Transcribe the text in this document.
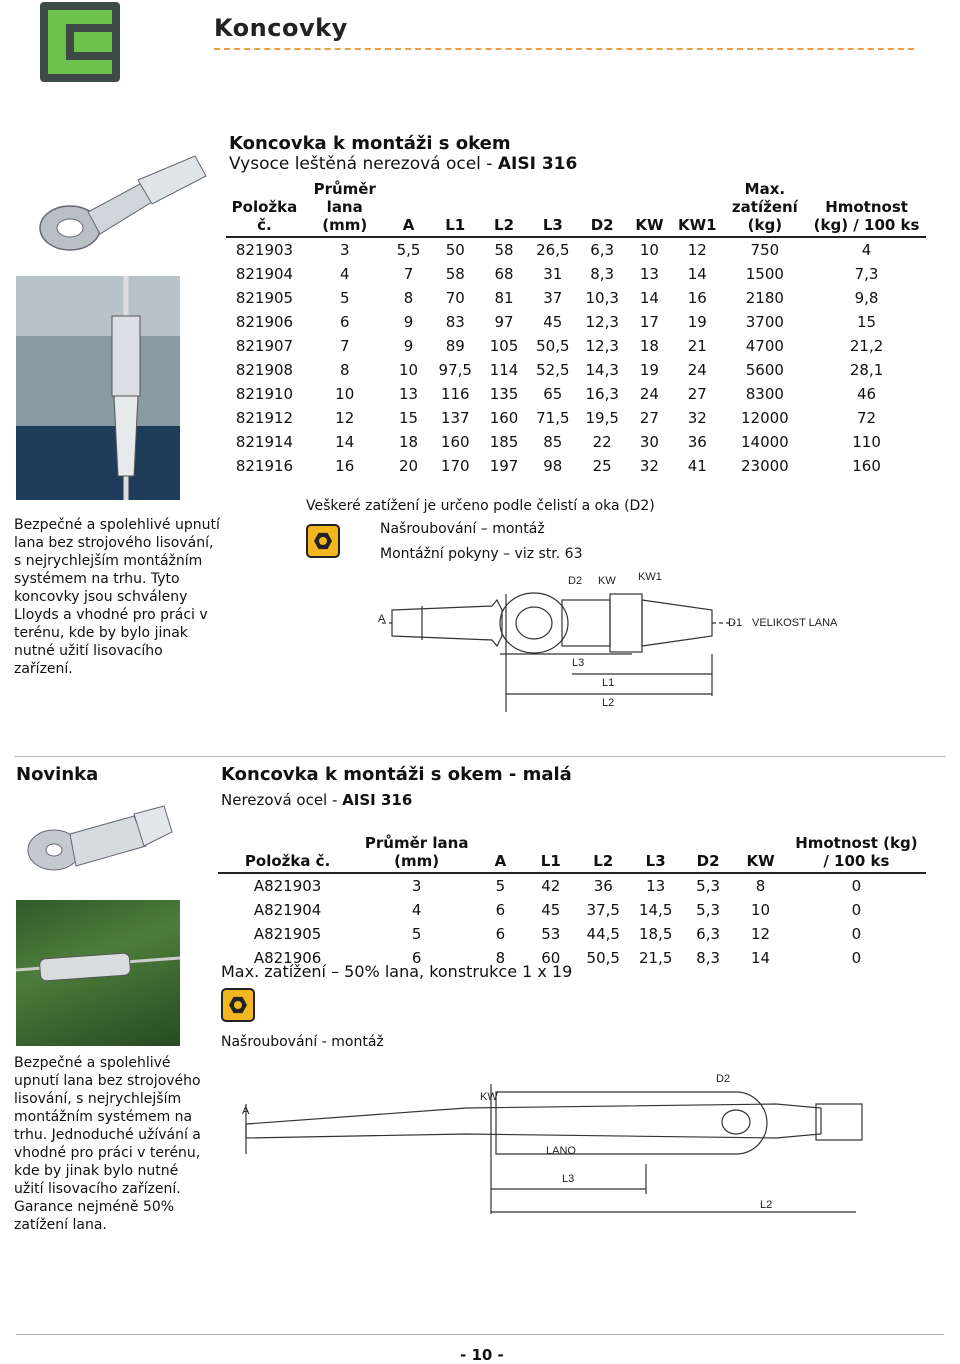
Koncovky
Bezpečné a spolehlivé upnutí lana bez strojového lisování, s nejrychlejším montážním systémem na trhu. Tyto koncovky jsou schváleny Lloyds a vhodné pro práci v terénu, kde by bylo jinak nutné užití lisovacího zařízení.
Koncovka k montáži s okem
Vysoce leštěná nerezová ocel - AISI 316
Položka č.	Průměr lana (mm)	A	L1	L2	L3	D2	KW	KW1	Max. zatížení (kg)	Hmotnost (kg) / 100 ks
821903	3	5,5	50	58	26,5	6,3	10	12	750	4
821904	4	7	58	68	31	8,3	13	14	1500	7,3
821905	5	8	70	81	37	10,3	14	16	2180	9,8
821906	6	9	83	97	45	12,3	17	19	3700	15
821907	7	9	89	105	50,5	12,3	18	21	4700	21,2
821908	8	10	97,5	114	52,5	14,3	19	24	5600	28,1
821910	10	13	116	135	65	16,3	24	27	8300	46
821912	12	15	137	160	71,5	19,5	27	32	12000	72
821914	14	18	160	185	85	22	30	36	14000	110
821916	16	20	170	197	98	25	32	41	23000	160
Veškeré zatížení je určeno podle čelistí a oka (D2)
Našroubování – montáž
Montážní pokyny – viz str. 63
D2 KW KW1
A	D1 VELIKOST LANA
L3
L1
L2
Novinka	Koncovka k montáži s okem - malá
Nerezová ocel - AISI 316
Bezpečné a spolehlivé upnutí lana bez strojového lisování, s nejrychlejším montážním systémem na trhu. Jednoduché užívání a vhodné pro práci v terénu, kde by jinak bylo nutné užití lisovacího zařízení. Garance nejméně 50% zatížení lana.
Položka č.	Průměr lana (mm)	A	L1	L2	L3	D2	KW	Hmotnost (kg) / 100 ks
A821903	3	5	42	36	13	5,3	8	0
A821904	4	6	45	37,5	14,5	5,3	10	0
A821905	5	6	53	44,5	18,5	6,3	12	0
A821906	6	8	60	50,5	21,5	8,3	14	0
Max. zatížení – 50% lana, konstrukce 1 x 19
Našroubování - montáž
D2
KW
A
LANO
L3
L2
- 10 -
